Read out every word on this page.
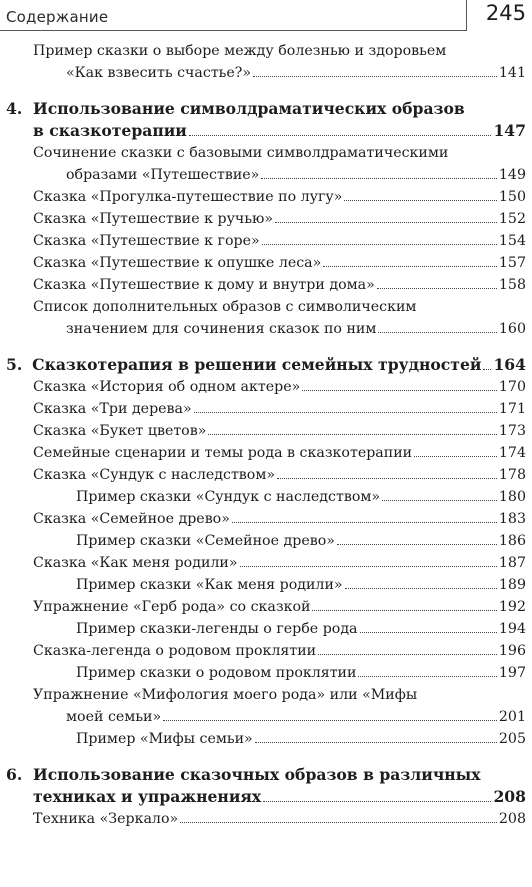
Содержание	245
Пример сказки о выборе между болезнью и здоровьем
«Как взвесить счастье?»	141
4. Использование символдраматических образов
в сказкотерапии	147
Сочинение сказки с базовыми символдраматическими
образами «Путешествие»	149
Сказка «Прогулка-путешествие по лугу»	150
Сказка «Путешествие к ручью»	152
Сказка «Путешествие к горе»	154
Сказка «Путешествие к опушке леса»	157
Сказка «Путешествие к дому и внутри дома»	158
Список дополнительных образов с символическим
значением для сочинения сказок по ним	160
5. Сказкотерапия в решении семейных трудностей 164
Сказка «История об одном актере»	170
Сказка «Три дерева»	171
Сказка «Букет цветов»	173
Семейные сценарии и темы рода в сказкотерапии	174
Сказка «Сундук с наследством»	178
Пример сказки «Сундук с наследством»	180
Сказка «Семейное древо»	183
Пример сказки «Семейное древо»	186
Сказка «Как меня родили»	187
Пример сказки «Как меня родили»	189
Упражнение «Герб рода» со сказкой	192
Пример сказки-легенды о гербе рода	194
Сказка-легенда о родовом проклятии	196
Пример сказки о родовом проклятии	197
Упражнение «Мифология моего рода» или «Мифы
моей семьи»	201
Пример «Мифы семьи»	205
6. Использование сказочных образов в различных
техниках и упражнениях	208
Техника «Зеркало»	208
